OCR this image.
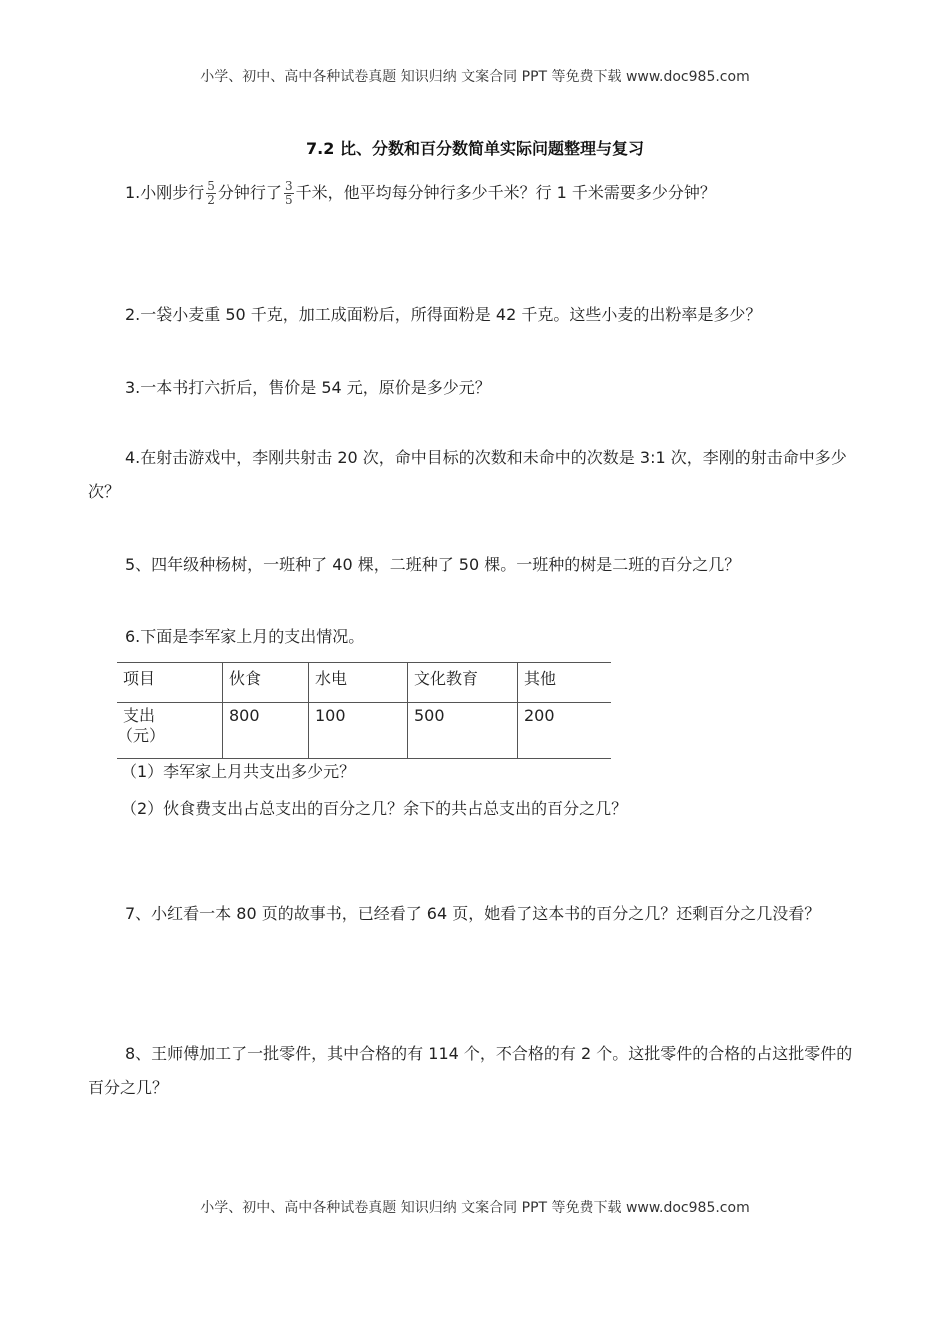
小学、初中、高中各种试卷真题 知识归纳 文案合同 PPT 等免费下载 www.doc985.com
7.2 比、分数和百分数简单实际问题整理与复习
1.小刚步行 $\frac{5}{2}$ 分钟行了 $\frac{3}{5}$ 千米，他平均每分钟行多少千米？行 1 千米需要多少分钟？
2.一袋小麦重 50 千克，加工成面粉后，所得面粉是 42 千克。这些小麦的出粉率是多少？
3.一本书打六折后，售价是 54 元，原价是多少元？
4.在射击游戏中，李刚共射击 20 次，命中目标的次数和未命中的次数是 3:1 次，李刚的射击命中多少次？
5、四年级种杨树，一班种了 40 棵，二班种了 50 棵。一班种的树是二班的百分之几？
6.下面是李军家上月的支出情况。
项目	伙食	水电	文化教育	其他

支出
（元）	800	100	500	200
（1）李军家上月共支出多少元？
（2）伙食费支出占总支出的百分之几？余下的共占总支出的百分之几？
7、小红看一本 80 页的故事书，已经看了 64 页，她看了这本书的百分之几？还剩百分之几没看？
8、王师傅加工了一批零件，其中合格的有 114 个，不合格的有 2 个。这批零件的合格的占这批零件的百分之几？
小学、初中、高中各种试卷真题 知识归纳 文案合同 PPT 等免费下载 www.doc985.com
